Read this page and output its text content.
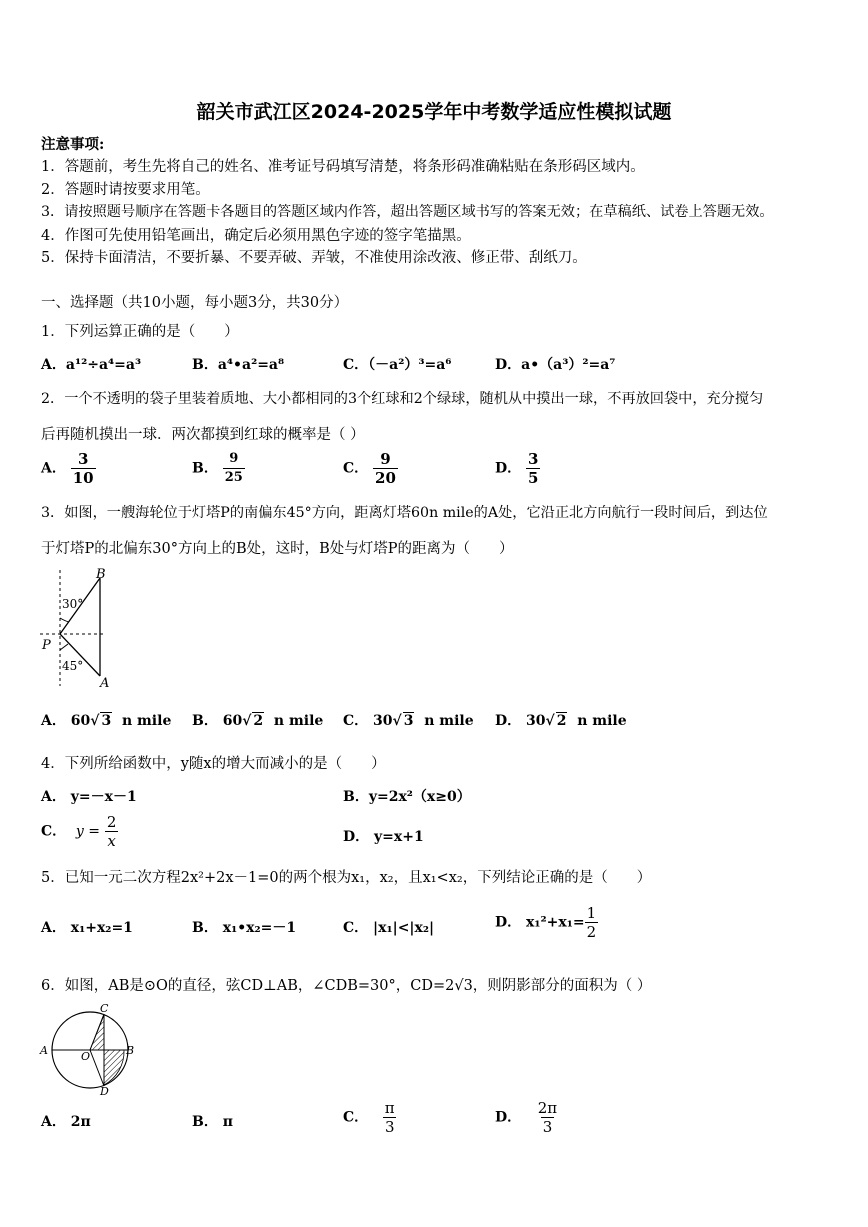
韶关市武江区2024-2025学年中考数学适应性模拟试题
注意事项:
1．答题前，考生先将自己的姓名、准考证号码填写清楚，将条形码准确粘贴在条形码区域内。
2．答题时请按要求用笔。
3．请按照题号顺序在答题卡各题目的答题区域内作答，超出答题区域书写的答案无效；在草稿纸、试卷上答题无效。
4．作图可先使用铅笔画出，确定后必须用黑色字迹的签字笔描黑。
5．保持卡面清洁，不要折暴、不要弄破、弄皱，不准使用涂改液、修正带、刮纸刀。
一、选择题（共10小题，每小题3分，共30分）
1．下列运算正确的是（　　）
A．a¹²÷a⁴=a³	B．a⁴•a²=a⁸	C．（－a²）³=a⁶	D．a•（a³）²=a⁷
2．一个不透明的袋子里装着质地、大小都相同的3个红球和2个绿球，随机从中摸出一球，不再放回袋中，充分搅匀
后再随机摸出一球．两次都摸到红球的概率是（ ）
A． $\frac{3}{10}$	B． $\frac{9}{25}$	C． $\frac{9}{20}$	D． $\frac{3}{5}$
3．如图，一艘海轮位于灯塔P的南偏东45°方向，距离灯塔60n mile的A处，它沿正北方向航行一段时间后，到达位
于灯塔P的北偏东30°方向上的B处，这时，B处与灯塔P的距离为（　　）
B
P
A
30°
45°
A． 60√ 3 n mile B． 60√ 2 n mile C． 30√ 3 n mile D． 30√ 2 n mile
4．下列所给函数中，y随x的增大而减小的是（　　）
A． y=－x－1	B．y=2x²（x≥0）
C． $y = \frac{2}{x}$	D． y=x+1
5．已知一元二次方程2x²+2x－1=0的两个根为x₁，x₂，且x₁<x₂，下列结论正确的是（　　）
A． x₁+x₂=1	B． x₁•x₂=－1	C． |x₁|<|x₂|	D． $x_1^2+x_1= \frac{1}{2}$
6．如图，AB是⊙O的直径，弦CD⊥AB，∠CDB=30°，CD=2√3，则阴影部分的面积为（ ）
A	B
C
D
O
A． 2π	B． π	C． $\frac{\pi}{3}$	D． $\frac{2\pi}{3}$
